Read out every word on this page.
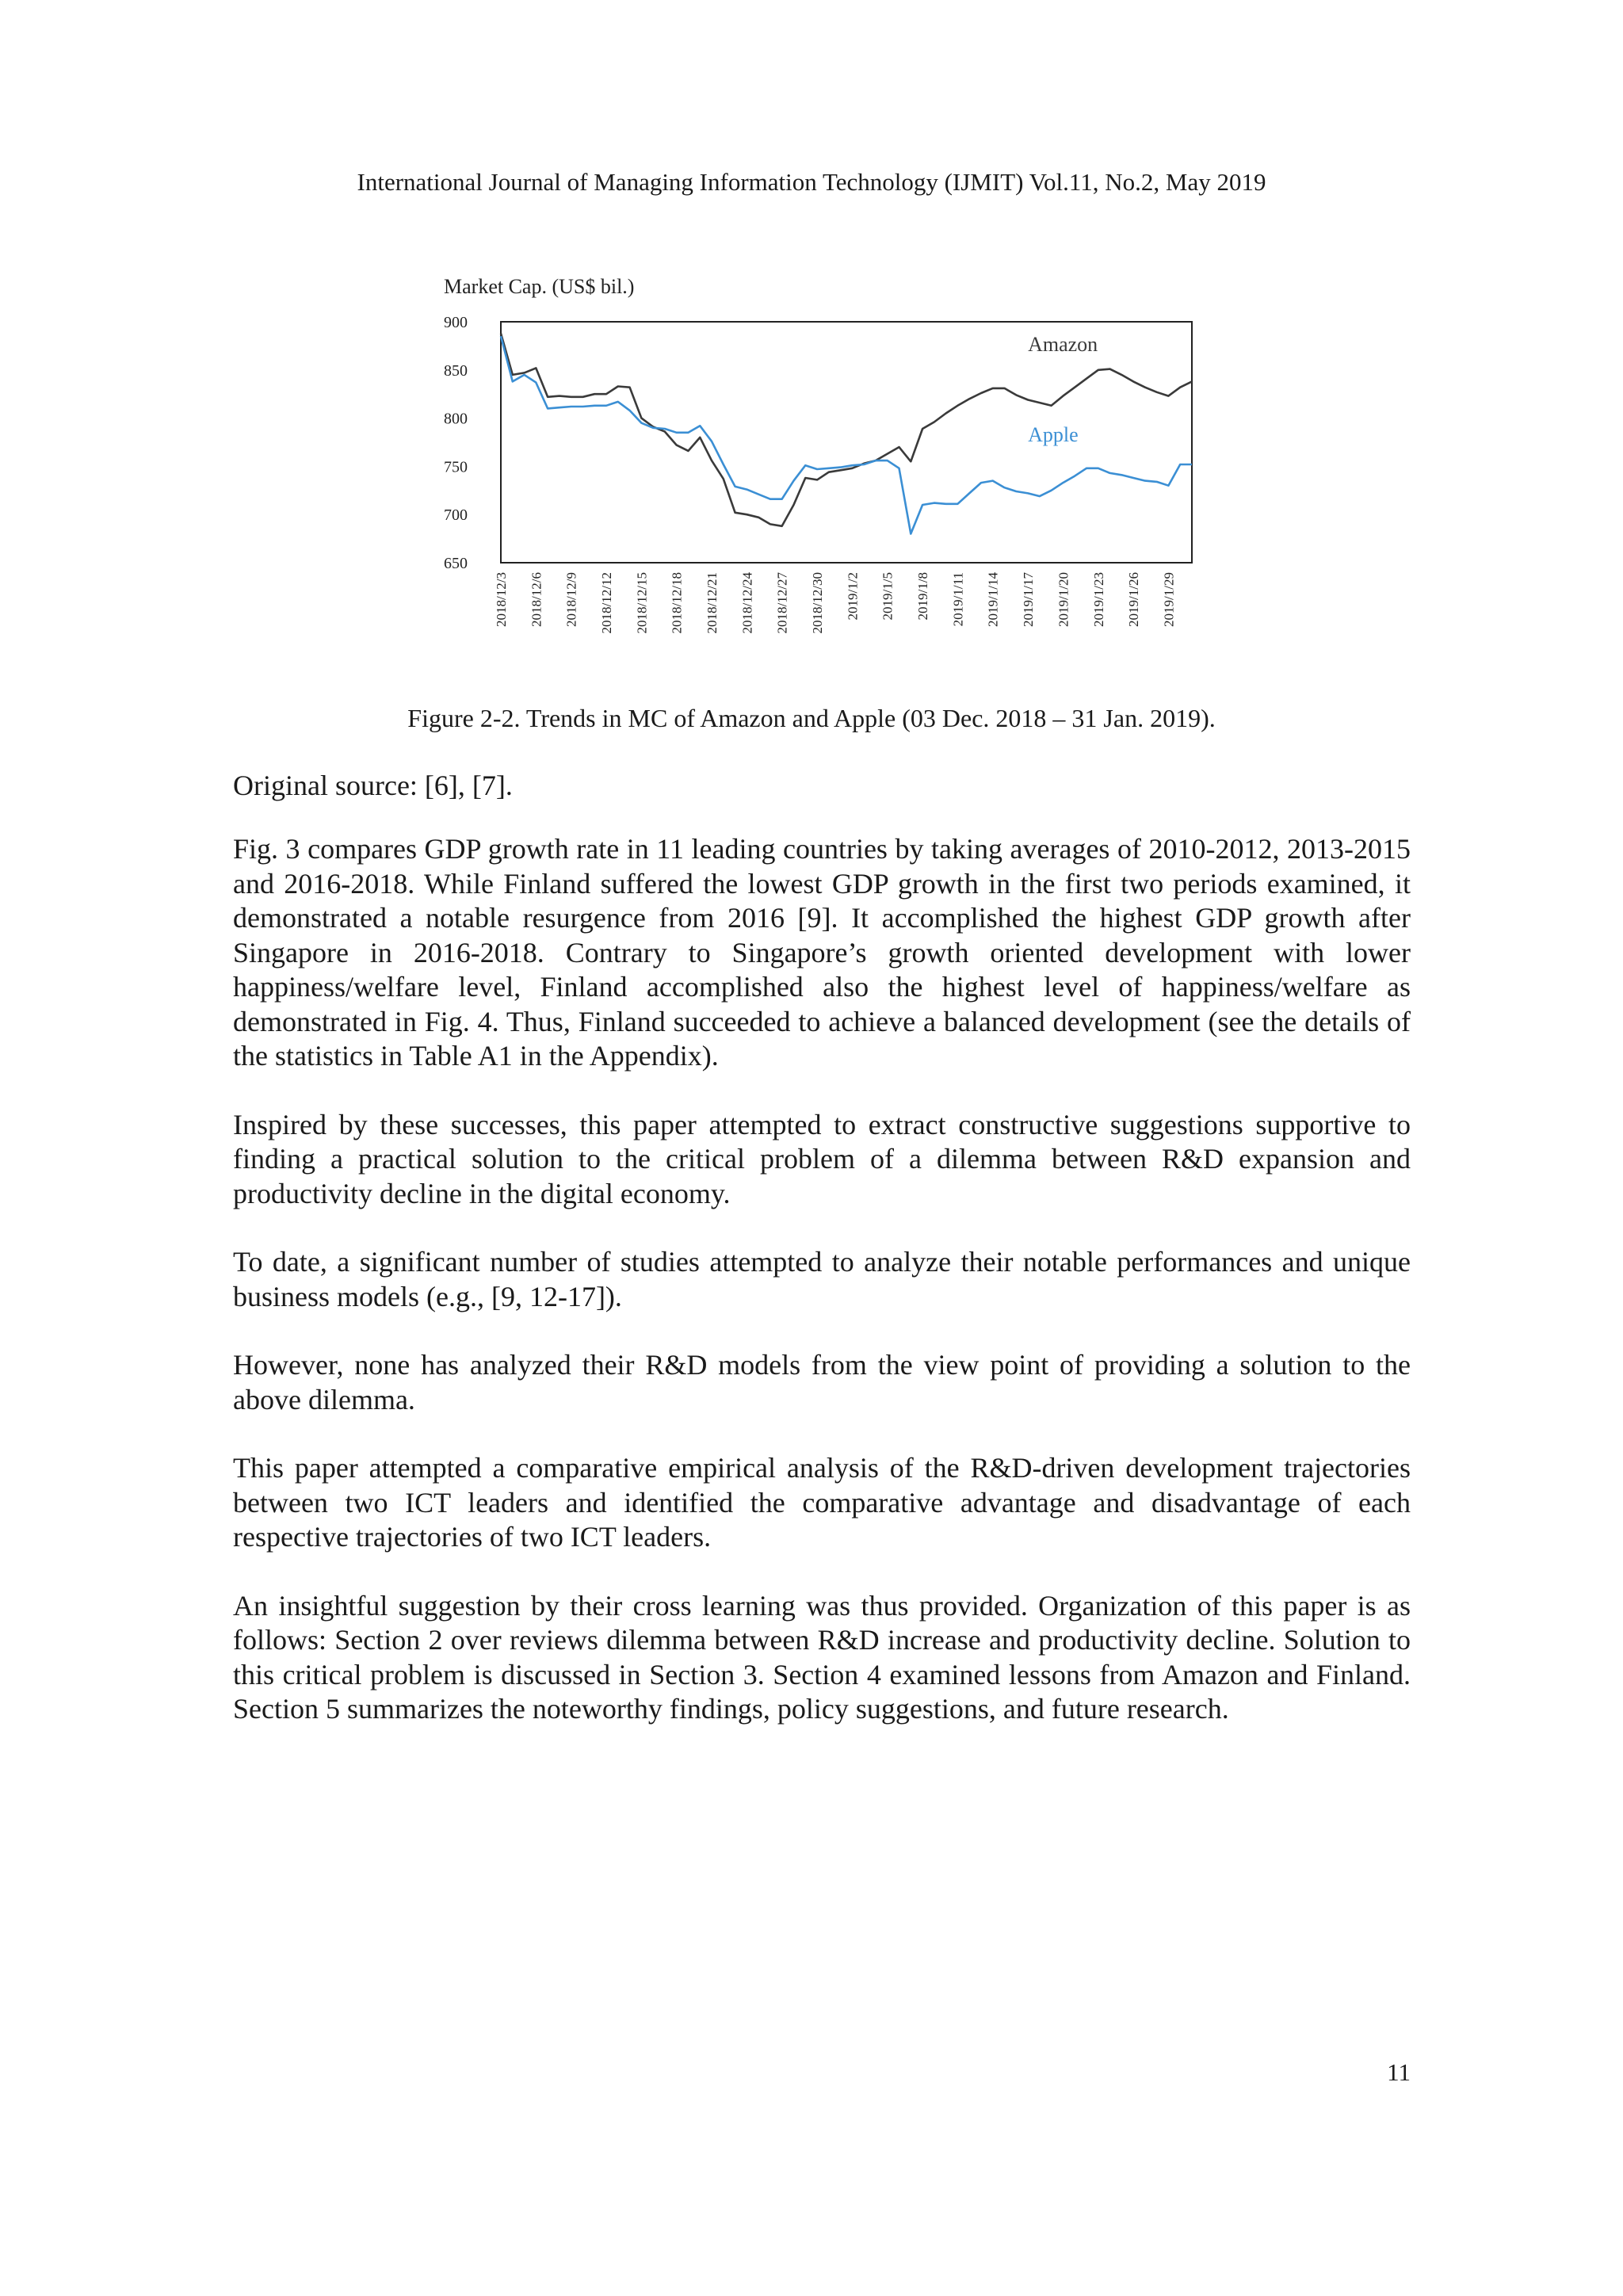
International Journal of Managing Information Technology (IJMIT) Vol.11, No.2, May 2019
Market Cap. (US$ bil.)
900
850
800
750
700
650
2018/12/3 2018/12/6 2018/12/9 2018/12/12 2018/12/15 2018/12/18 2018/12/21 2018/12/24 2018/12/27 2018/12/30 2019/1/2 2019/1/5 2019/1/8 2019/1/11 2019/1/14 2019/1/17 2019/1/20 2019/1/23 2019/1/26 2019/1/29
Amazon
Apple
Figure 2-2. Trends in MC of Amazon and Apple (03 Dec. 2018 – 31 Jan. 2019).
Original source: [6], [7].

Fig. 3 compares GDP growth rate in 11 leading countries by taking averages of 2010-2012, 2013-2015 and 2016-2018. While Finland suffered the lowest GDP growth in the first two periods examined, it demonstrated a notable resurgence from 2016 [9]. It accomplished the highest GDP growth after Singapore in 2016-2018. Contrary to Singapore’s growth oriented development with lower happiness/welfare level, Finland accomplished also the highest level of happiness/welfare as demonstrated in Fig. 4. Thus, Finland succeeded to achieve a balanced development (see the details of the statistics in Table A1 in the Appendix).

Inspired by these successes, this paper attempted to extract constructive suggestions supportive to finding a practical solution to the critical problem of a dilemma between R&D expansion and productivity decline in the digital economy.

To date, a significant number of studies attempted to analyze their notable performances and unique business models (e.g., [9, 12-17]).

However, none has analyzed their R&D models from the view point of providing a solution to the above dilemma.

This paper attempted a comparative empirical analysis of the R&D-driven development trajectories between two ICT leaders and identified the comparative advantage and disadvantage of each respective trajectories of two ICT leaders.

An insightful suggestion by their cross learning was thus provided. Organization of this paper is as follows: Section 2 over reviews dilemma between R&D increase and productivity decline. Solution to this critical problem is discussed in Section 3. Section 4 examined lessons from Amazon and Finland. Section 5 summarizes the noteworthy findings, policy suggestions, and future research.

11
